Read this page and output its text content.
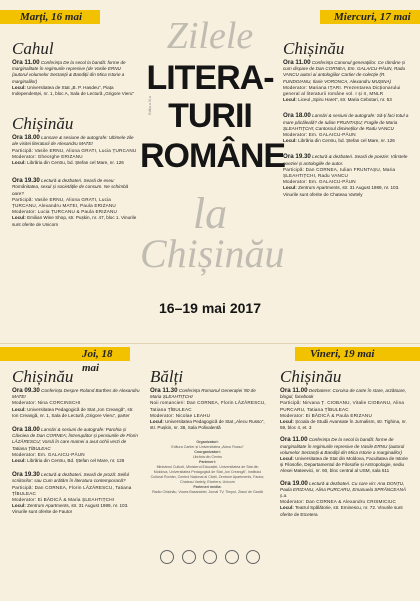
Marți, 16 mai	Miercuri, 17 mai
Joi, 18 mai
Vineri, 19 mai
Cahul
Ora 11.00 Conferința De la secol la bandă: forme de marginalitate în regimurile represive (de Vasile ERNU (autorul volumelor Sectanții & Bandiții din Mica Istorie a marginalilor)
Locul: Universitatea de Stat „B. P. Hasdeu”, Piața Independenței, nr. 1, bloc A, Sala de Lectură „Grigore Vieru”
Chișinău
Ora 18.00 Lansare & sesiune de autografe: Ultimele zile ale visitei literaturii de Alexandru MATEI
Participă: Vasile ERNU, Aliona GRATI, Lucia ȚURCANU
Moderator: Gheorghe ERIZANU
Locul: Librăria din Centru, bd. Ștefan cel Mare, nr. 126
Ora 19.30 Lectură & dezbateri. Seară de eseu: Românitatea, sexul și societățile de consum. Ne schimbă oare?
Participă: Vasile ERNU, Aliona GRATI, Lucia ȚURCANU, Alexandru MATEI, Paula ERIZANU
Moderator: Lucia ȚURCANU & Paula ERIZANU
Locul: Emilian Wine Shop, str. Pușkin, nr. 47, bloc 1. Vinurile sunt oferite de Unicorn
Ediția a III-a
Zilele
LITERA-
TURII
ROMÂNE
la
Chișinău
16–19 mai 2017
Chișinău
Ora 11.00 Conferința Canonul generațiilor. Ce rămâne și cum dispare de Dan CORNEA, Em. GALAICU-PĂUN, Radu VANCU autori ai antologiilor Cartier de colecție (R. FUNDOIANU, Ilarie VORONCA, Alexandru MUȘINA)
Moderator: Mariana IȚARI. Prezentarea Dicționarului general al literaturii române vol. I și II, MNLR
Locul: Liceul „Spiru Haret”, str. Maria Cebotari, nr. 53
Ora 18.00 Lansări & sesiuni de autografe: Să-ți faci totul a mare păcăleală? de Iulian FRUNTAȘU; Fragile de Maria ȘLEAHTIȚCHI; Cantossul dimineților de Radu VANCU
Moderator: Em. GALAICU-PĂUN
Locul: Librăria din Centru, bd. Ștefan cel Mare, nr. 126
Ora 19.30 Lectură & dezbateri. Seară de poezie: Vârstele poeziei și antologiile de autor.
Participă: Dan CORNEA, Iulian FRUNTAȘU, Maria ȘLEAHTIȚCHI, Radu VANCU
Moderator: Em. GALAICU-PĂUN
Locul: Zentrum Apartments, str. 31 August 1989, nr. 103. Vinurile sunt oferite de Chateau Vartely
Chișinău
Ora 09.30 Conferința Despre Roland Barthes de Alexandru MATEI
Moderator: Nina CORCINSCHI
Locul: Universitatea Pedagogică de Stat „Ion Creangă”, str. Ion Creangă, nr. 1, Sala de Lectură „Grigore Vieru”, parter
Ora 18.00 Lansări & sesiuni de autografe: Parohia și Căvoiea de Dan CORNEA; Întrerupător și pensiunile de Florin LĂZĂRESCU; Varsă în care mamei a avut ochii verzi de Tatiana ȚÎBULEAC
Moderator: Em. GALAICU-PĂUN
Locul: Librăria din Centru, Bd. Ștefan cel Mare, nr. 126
Ora 19.30 Lectură & dezbateri. Seară de proză: Seiful scriitorilor: sau Cum arătăm în literatura contemporană?
Participă: Dan CORNEA, Florin LĂZĂRESCU, Tatiana ȚÎBULEAC
Moderator: Ei BĂDICĂ & Maria ȘLEAHTIȚCHI
Locul: Zentrum Apartments, str. 31 August 1989, nr. 103. Vinurile sunt oferite de Fautor
Bălți
Ora 11.30 Conferința Romanul Generației '80 de Maria ȘLEAHTIȚCHI
Noii romancieri: Dan CORNEA, Florin LĂZĂRESCU, Tatiana ȚÎBULEAC
Moderator: Nicolae LEAHU
Locul: Universitatea Pedagogică de Stat „Alecu Russo”, str. Pușkin, nr. 38, Sala Polivalentă
Organizatori:
Editura Cartier și Universitatea „Alecu Russo”
Coorganizatori:
Librăria din Centru
Parteneri:
Ministerul Culturii, Ministerul Educației, Universitatea de Stat din Moldova, Universitatea Pedagogică de Stat „Ion Creangă”, Institutul Cultural Român, Centrul Național al Cărții, Zentrum Apartments, Fautor, Chateau Vartely, Etcetera, Unicorn
Parteneri media:
Radio Chișinău, Vocea Basarabiei, Jurnal TV, Timpul, Ziarul de Gardă
Chișinău
Ora 11.00 Dezbatere: Coroisa de carte în stare, arzătoare, blogul, facebook
Participă: Nirvana Ț. CIOBANU, Vitalie CIOBANU, Alina PURCARU, Tatiana ȚÎBULEAC
Moderator: Ei BĂDICĂ & Paula ERIZANU
Locul: Școala de Studii Avansate în Jurnalism, str. Tighina, nr. 59, bloc 4, et. 3
Ora 11.00 Conferința De la secol la bandă: forme de marginalitate în regimurile represive de Vasile ERNU (autorul volumelor Sectanții & Bandiții din Mica Istorie a marginalilor)
Locul: Universitatea de Stat din Moldova, Facultatea de Istorie și Filosofie, Departamentul de Filosofie și Antropologie, sediu Alexei Mateevici, nr. 60, bloc central al USM, sala 511
Ora 19.00 Lectură & dezbateri. Cu care vin: Ana DONȚU, Paula ERIZANU, Alina PURCARU, Emanuela SPRÂNCEANĂ ș.a.
Moderator: Dan CORNEA & Alexandru CRISMICIUC
Locul: Teatrul Spălătorie, str. Eminescu, nr. 72. Vinurile sunt oferite de Etcetera
